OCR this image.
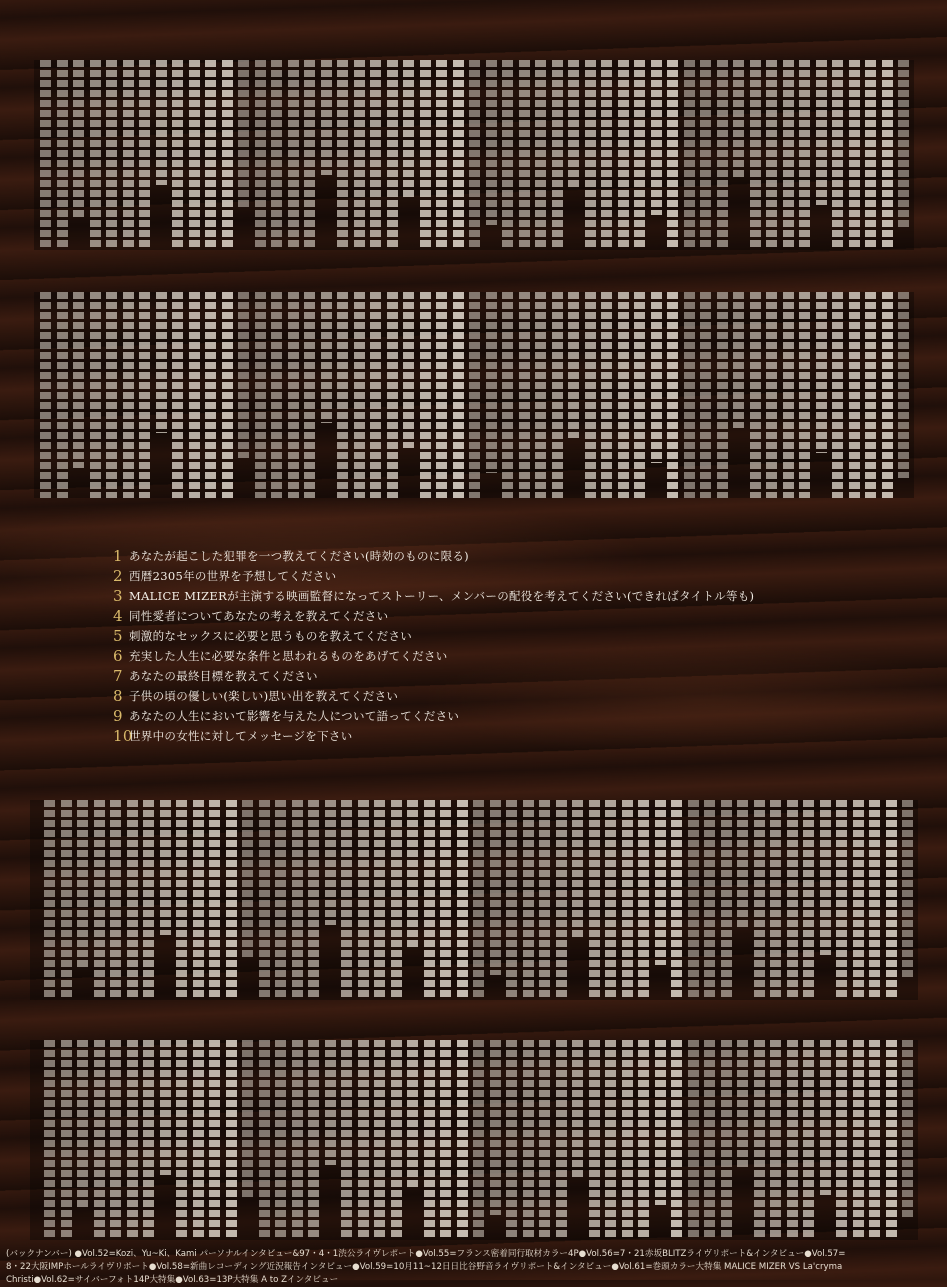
1 あなたが起こした犯罪を一つ教えてください(時効のものに限る)

2 西暦2305年の世界を予想してください

3 MALICE MIZERが主演する映画監督になってストーリー、メンバーの配役を考えてください(できればタイトル等も)

4 同性愛者についてあなたの考えを教えてください

5 刺激的なセックスに必要と思うものを教えてください

6 充実した人生に必要な条件と思われるものをあげてください

7 あなたの最終目標を教えてください

8 子供の頃の優しい(楽しい)思い出を教えてください

9 あなたの人生において影響を与えた人について語ってください

10
世界中の女性に対してメッセージを下さい

(バックナンバー) ●Vol.52=Kozi、Yu~Ki、Kami パーソナルインタビュー&97・4・1渋公ライヴレポート●Vol.55=フランス密着同行取材カラー4P●Vol.56=7・21赤坂BLITZライヴリポート&インタビュー●Vol.57=

8・22大阪IMPホールライヴリポート●Vol.58=新曲レコーディング近況報告インタビュー●Vol.59=10月11~12日日比谷野音ライヴリポート&インタビュー●Vol.61=巻頭カラー大特集 MALICE MIZER VS La'cryma

Christi●Vol.62=サイバーフォト14P大特集●Vol.63=13P大特集 A to Zインタビュー
